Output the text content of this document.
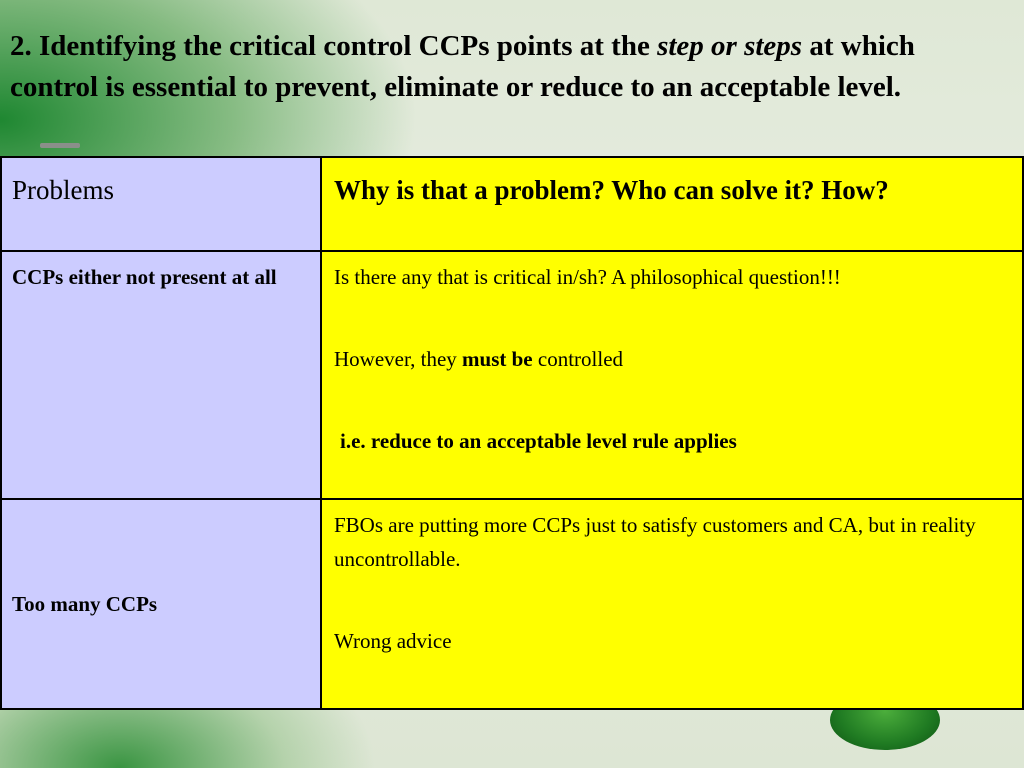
2. Identifying the critical control CCPs points at the step or steps at which control is essential to prevent, eliminate or reduce to an acceptable level.
Problems	Why is that a problem? Who can solve it? How?

CCPs either not present at all	Is there any that is critical in/sh? A philosophical question!!!

However, they must be controlled

i.e. reduce to an acceptable level rule applies

Too many CCPs	FBOs are putting more CCPs just to satisfy customers and CA, but in reality uncontrollable.

Wrong advice
